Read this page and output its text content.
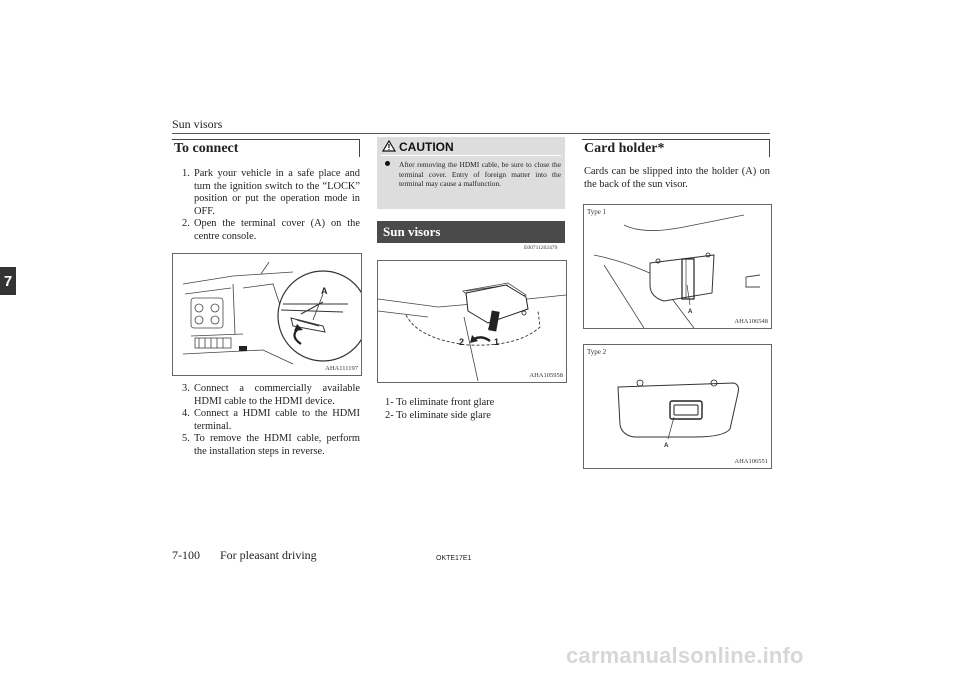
Sun visors
7
To connect
1. Park your vehicle in a safe place and turn the ignition switch to the “LOCK” position or put the operation mode in OFF.
2. Open the terminal cover (A) on the centre console.
A
AHA111197
3. Connect a commercially available HDMI cable to the HDMI device.
4. Connect a HDMI cable to the HDMI terminal.
5. To remove the HDMI cable, perform the installation steps in reverse.
CAUTION
After removing the HDMI cable, be sure to close the terminal cover. Entry of foreign matter into the terminal may cause a malfunction.
Sun visors
E00711202479
2	1
AHA105958
1- To eliminate front glare
2- To eliminate side glare
Card holder*
Cards can be slipped into the holder (A) on the back of the sun visor.
A
Type 1
AHA106548
A
Type 2
AHA106551
7-100 For pleasant driving	OKTE17E1
carmanualsonline.info
